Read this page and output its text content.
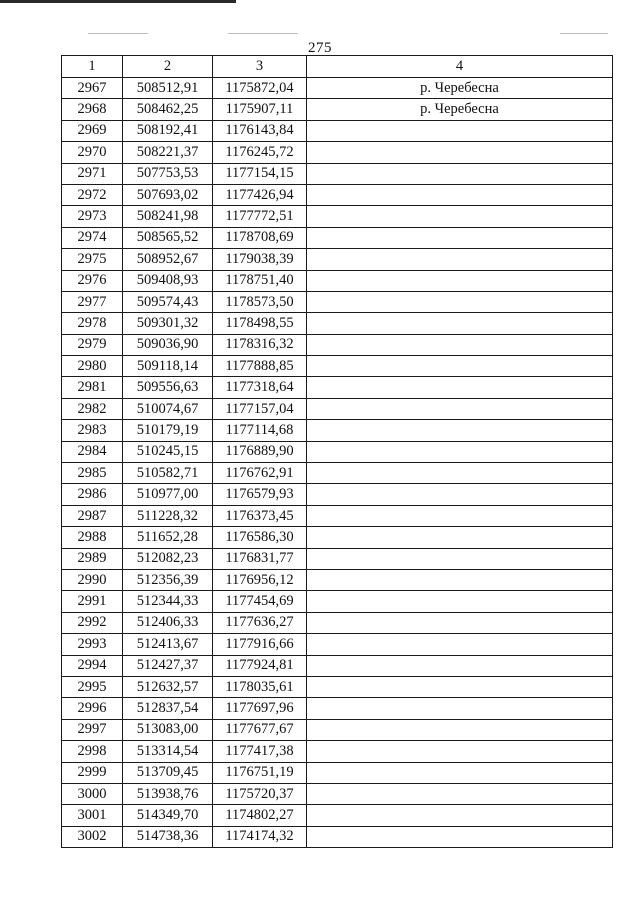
275
1	2	3	4
2967	508512,91	1175872,04	р. Черебесна
2968	508462,25	1175907,11	р. Черебесна
2969	508192,41	1176143,84	
2970	508221,37	1176245,72	
2971	507753,53	1177154,15	
2972	507693,02	1177426,94	
2973	508241,98	1177772,51	
2974	508565,52	1178708,69	
2975	508952,67	1179038,39	
2976	509408,93	1178751,40	
2977	509574,43	1178573,50	
2978	509301,32	1178498,55	
2979	509036,90	1178316,32	
2980	509118,14	1177888,85	
2981	509556,63	1177318,64	
2982	510074,67	1177157,04	
2983	510179,19	1177114,68	
2984	510245,15	1176889,90	
2985	510582,71	1176762,91	
2986	510977,00	1176579,93	
2987	511228,32	1176373,45	
2988	511652,28	1176586,30	
2989	512082,23	1176831,77	
2990	512356,39	1176956,12	
2991	512344,33	1177454,69	
2992	512406,33	1177636,27	
2993	512413,67	1177916,66	
2994	512427,37	1177924,81	
2995	512632,57	1178035,61	
2996	512837,54	1177697,96	
2997	513083,00	1177677,67	
2998	513314,54	1177417,38	
2999	513709,45	1176751,19	
3000	513938,76	1175720,37	
3001	514349,70	1174802,27	
3002	514738,36	1174174,32	
